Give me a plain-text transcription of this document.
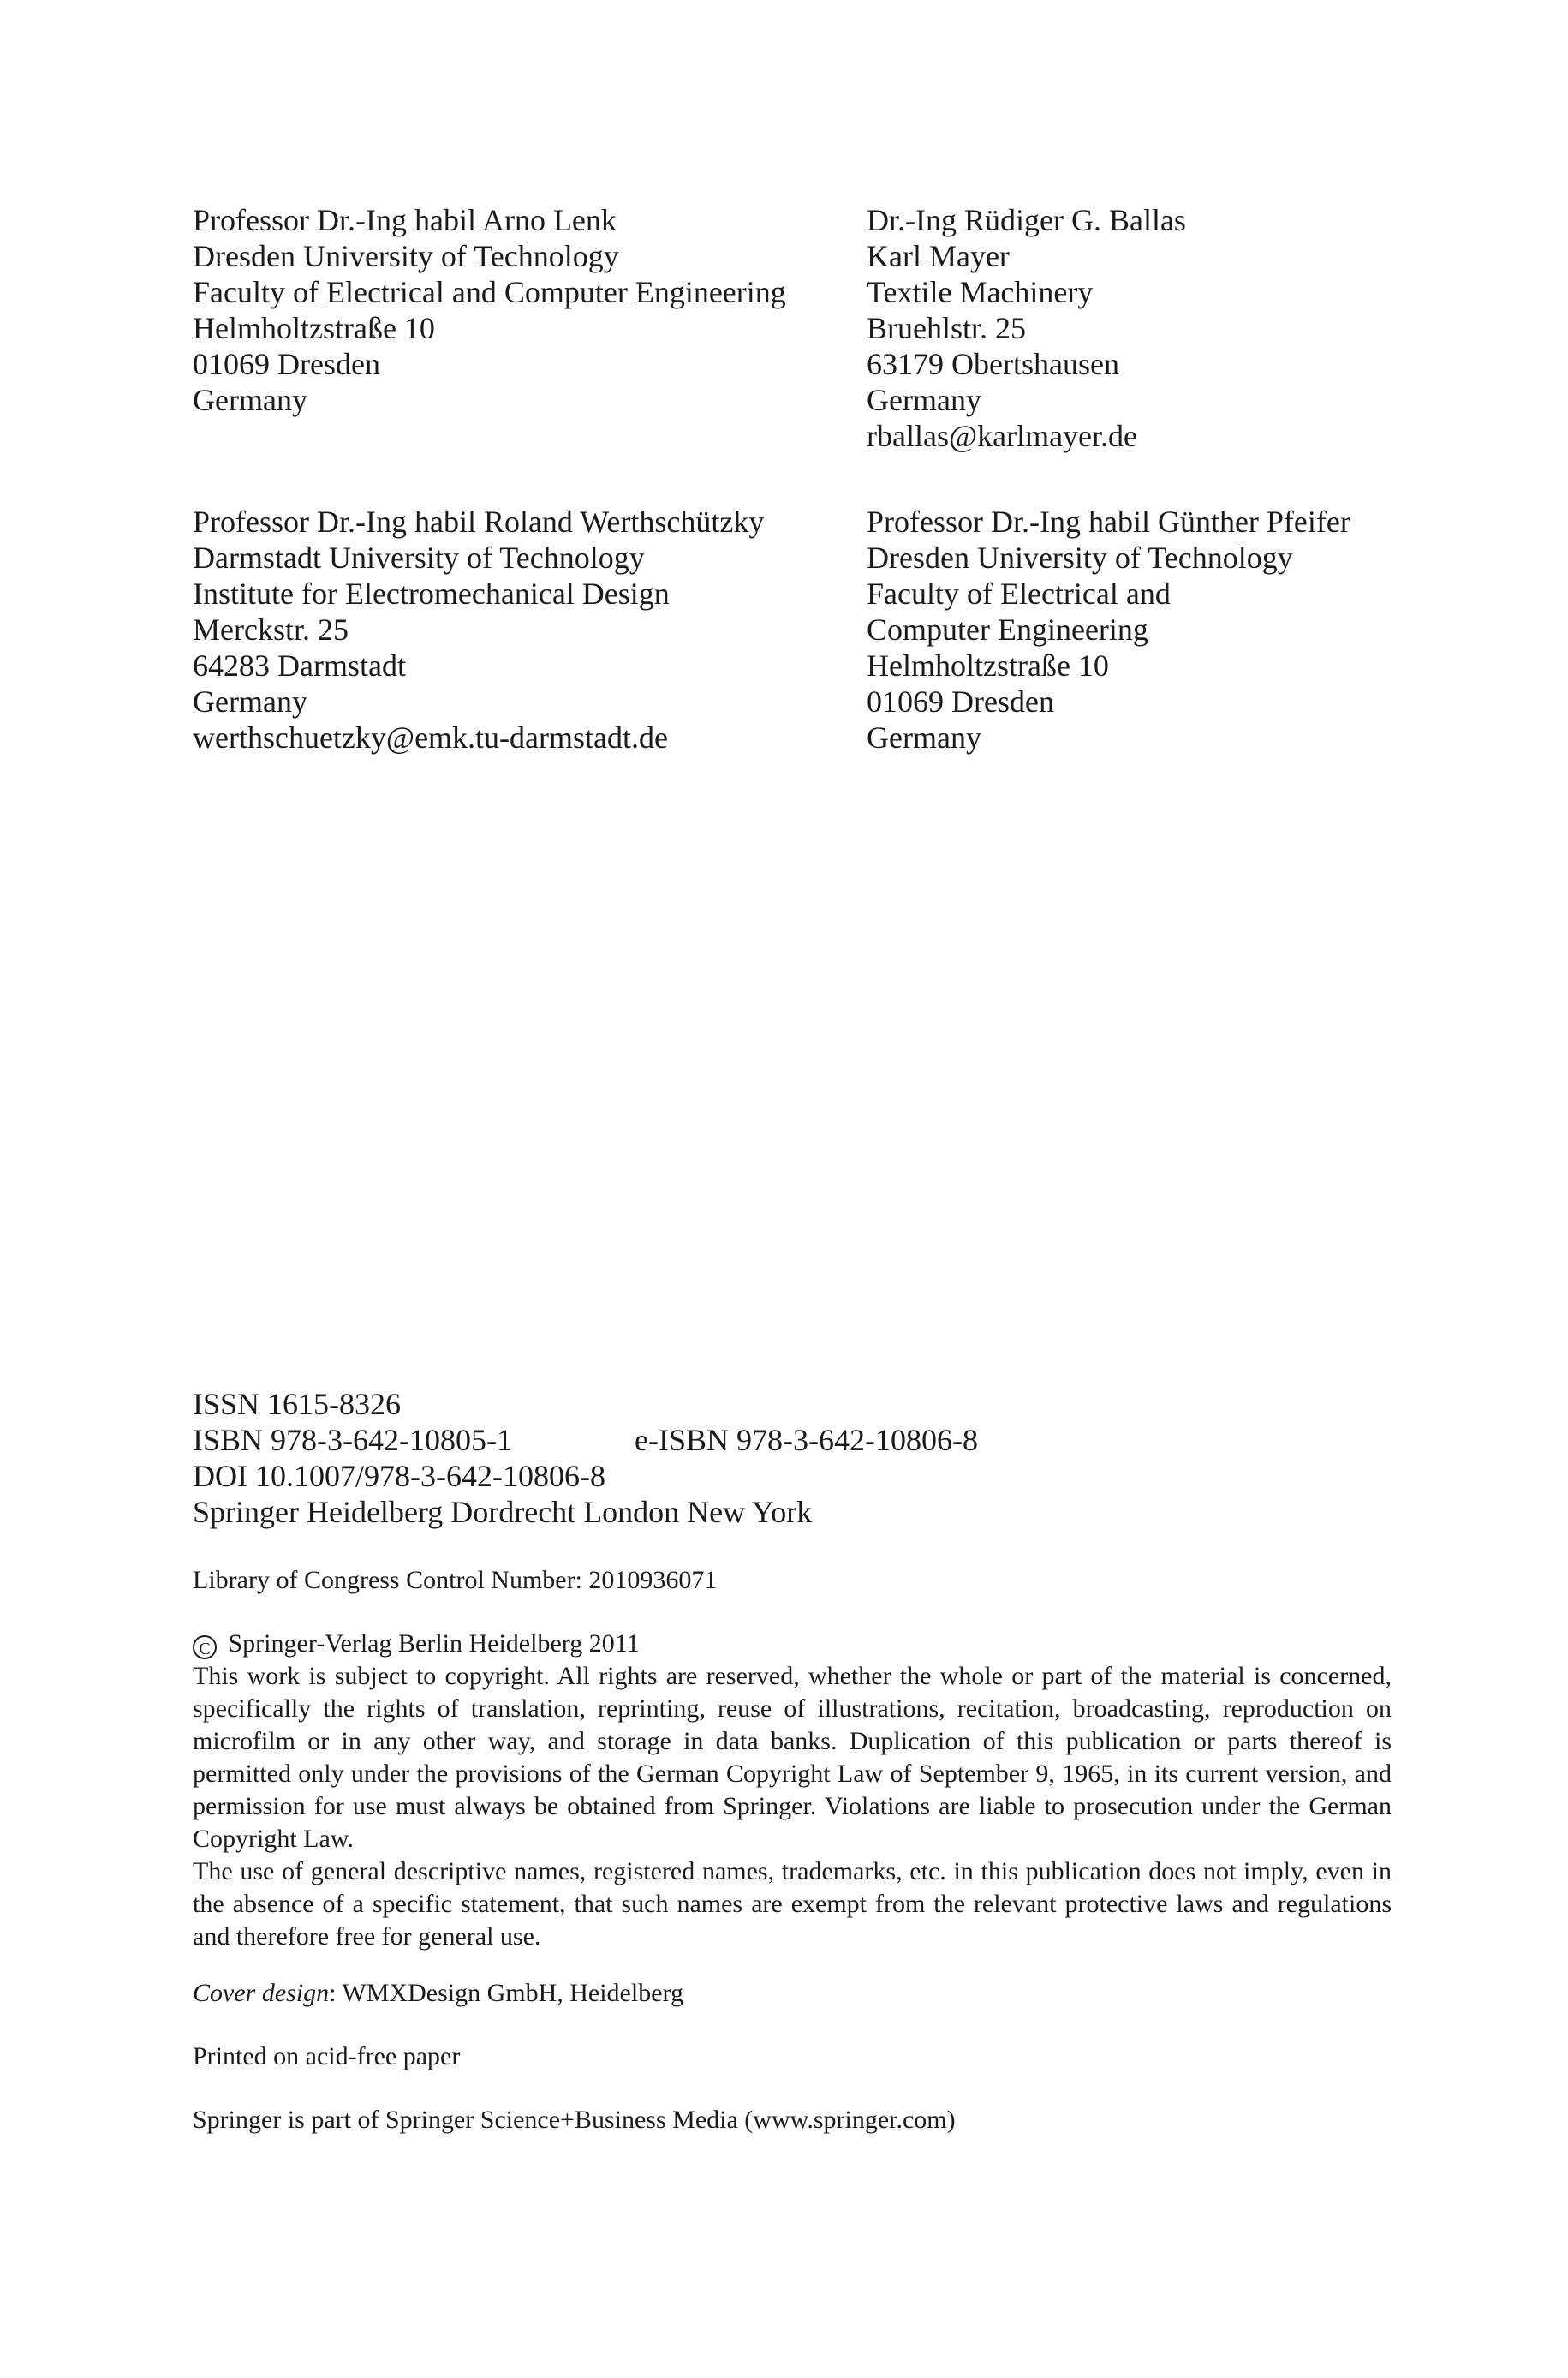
Professor Dr.-Ing habil Arno Lenk
Dresden University of Technology
Faculty of Electrical and Computer Engineering
Helmholtzstraße 10
01069 Dresden
Germany
Dr.-Ing Rüdiger G. Ballas
Karl Mayer
Textile Machinery
Bruehlstr. 25
63179 Obertshausen
Germany
rballas@karlmayer.de
Professor Dr.-Ing habil Roland Werthschützky
Darmstadt University of Technology
Institute for Electromechanical Design
Merckstr. 25
64283 Darmstadt
Germany
werthschuetzky@emk.tu-darmstadt.de
Professor Dr.-Ing habil Günther Pfeifer
Dresden University of Technology
Faculty of Electrical and
Computer Engineering
Helmholtzstraße 10
01069 Dresden
Germany
ISSN 1615-8326
ISBN 978-3-642-10805-1	e-ISBN 978-3-642-10806-8
DOI 10.1007/978-3-642-10806-8
Springer Heidelberg Dordrecht London New York
Library of Congress Control Number: 2010936071
C Springer-Verlag Berlin Heidelberg 2011
This work is subject to copyright. All rights are reserved, whether the whole or part of the material is concerned, specifically the rights of translation, reprinting, reuse of illustrations, recitation, broadcasting, reproduction on microfilm or in any other way, and storage in data banks. Duplication of this publication or parts thereof is permitted only under the provisions of the German Copyright Law of September 9, 1965, in its current version, and permission for use must always be obtained from Springer. Violations are liable to prosecution under the German Copyright Law.
The use of general descriptive names, registered names, trademarks, etc. in this publication does not imply, even in the absence of a specific statement, that such names are exempt from the relevant protective laws and regulations and therefore free for general use.
Cover design: WMXDesign GmbH, Heidelberg
Printed on acid-free paper
Springer is part of Springer Science+Business Media (www.springer.com)
